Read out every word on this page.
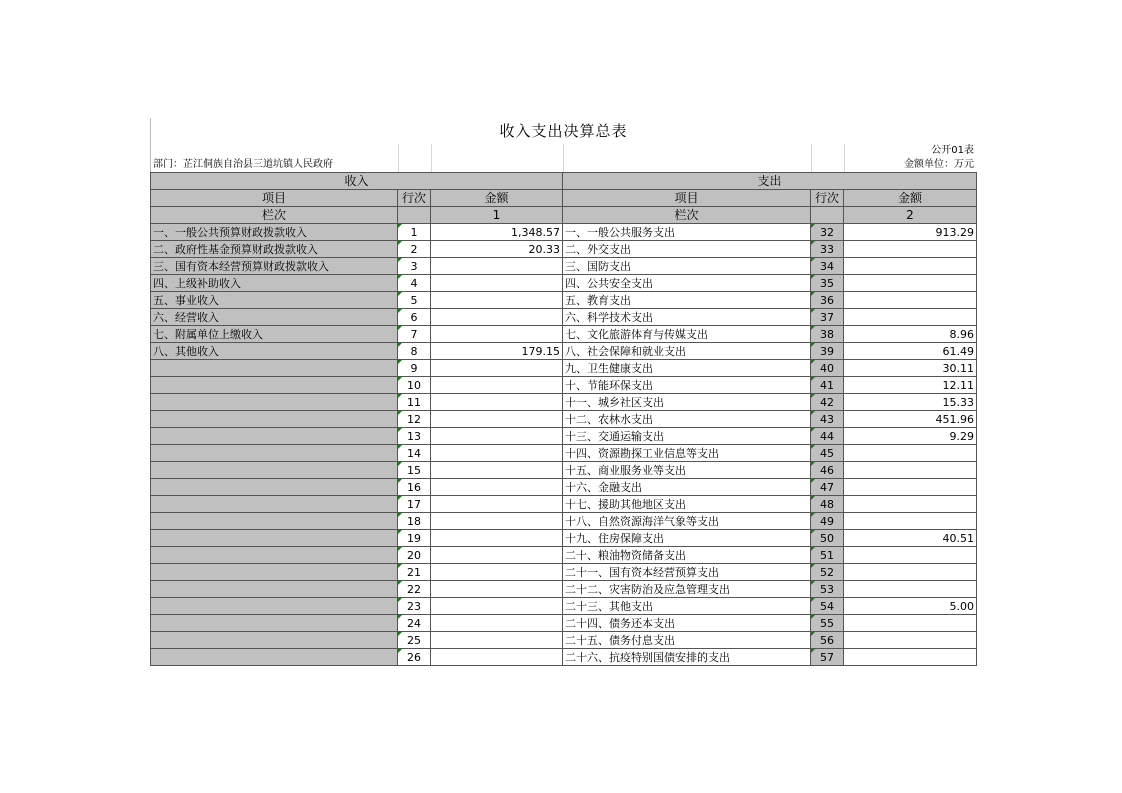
收入支出决算总表
公开01表
部门：芷江侗族自治县三道坑镇人民政府	金额单位：万元
收入			支出		
项目	行次	金额	项目	行次	金额
栏次		1	栏次		2
一、一般公共预算财政拨款收入	1	1,348.57	一、一般公共服务支出	32	913.29
二、政府性基金预算财政拨款收入	2	20.33	二、外交支出	33	
三、国有资本经营预算财政拨款收入	3		三、国防支出	34	
四、上级补助收入	4		四、公共安全支出	35	
五、事业收入	5		五、教育支出	36	
六、经营收入	6		六、科学技术支出	37	
七、附属单位上缴收入	7		七、文化旅游体育与传媒支出	38	8.96
八、其他收入	8	179.15	八、社会保障和就业支出	39	61.49
	9		九、卫生健康支出	40	30.11
	10		十、节能环保支出	41	12.11
	11		十一、城乡社区支出	42	15.33
	12		十二、农林水支出	43	451.96
	13		十三、交通运输支出	44	9.29
	14		十四、资源勘探工业信息等支出	45	
	15		十五、商业服务业等支出	46	
	16		十六、金融支出	47	
	17		十七、援助其他地区支出	48	
	18		十八、自然资源海洋气象等支出	49	
	19		十九、住房保障支出	50	40.51
	20		二十、粮油物资储备支出	51	
	21		二十一、国有资本经营预算支出	52	
	22		二十二、灾害防治及应急管理支出	53	
	23		二十三、其他支出	54	5.00
	24		二十四、债务还本支出	55	
	25		二十五、债务付息支出	56	
	26		二十六、抗疫特别国债安排的支出	57	
